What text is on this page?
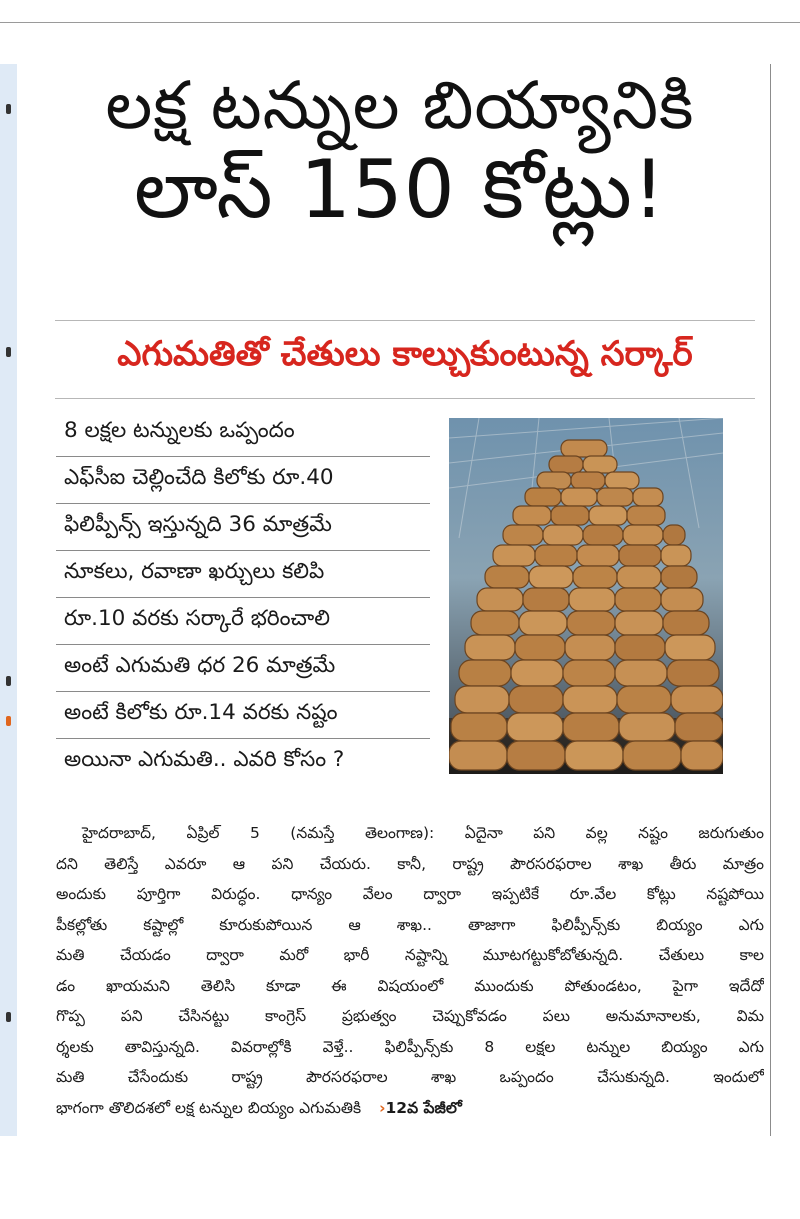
లక్ష టన్నుల బియ్యానికి
లాస్ 150 కోట్లు!
ఎగుమతితో చేతులు కాల్చుకుంటున్న సర్కార్
8 లక్షల టన్నులకు ఒప్పందం
ఎఫ్‌సీఐ చెల్లించేది కిలోకు రూ.40
ఫిలిప్పీన్స్ ఇస్తున్నది 36 మాత్రమే
నూకలు, రవాణా ఖర్చులు కలిపి
రూ.10 వరకు సర్కారే భరించాలి
అంటే ఎగుమతి ధర 26 మాత్రమే
అంటే కిలోకు రూ.14 వరకు నష్టం
అయినా ఎగుమతి.. ఎవరి కోసం ?

హైదరాబాద్, ఏప్రిల్ 5 (నమస్తే తెలంగాణ): ఏదైనా పని వల్ల నష్టం జరుగుతుం
దని తెలిస్తే ఎవరూ ఆ పని చేయరు. కానీ, రాష్ట్ర పౌరసరఫరాల శాఖ తీరు మాత్రం
అందుకు పూర్తిగా విరుద్ధం. ధాన్యం వేలం ద్వారా ఇప్పటికే రూ.వేల కోట్లు నష్టపోయి
పీకల్లోతు కష్టాల్లో కూరుకుపోయిన ఆ శాఖ.. తాజాగా ఫిలిప్పీన్స్‌కు బియ్యం ఎగు
మతి చేయడం ద్వారా మరో భారీ నష్టాన్ని మూటగట్టుకోబోతున్నది. చేతులు కాల
డం ఖాయమని తెలిసి కూడా ఈ విషయంలో ముందుకు పోతుండటం, పైగా ఇదేదో
గొప్ప పని చేసినట్టు కాంగ్రెస్ ప్రభుత్వం చెప్పుకోవడం పలు అనుమానాలకు, విమ
ర్శలకు తావిస్తున్నది. వివరాల్లోకి వెళ్తే.. ఫిలిప్పీన్స్‌కు 8 లక్షల టన్నుల బియ్యం ఎగు
మతి చేసేందుకు రాష్ట్ర పౌరసరఫరాల శాఖ ఒప్పందం చేసుకున్నది. ఇందులో
భాగంగా తొలిదశలో లక్ష టన్నుల బియ్యం ఎగుమతికి ›12వ పేజీలో
